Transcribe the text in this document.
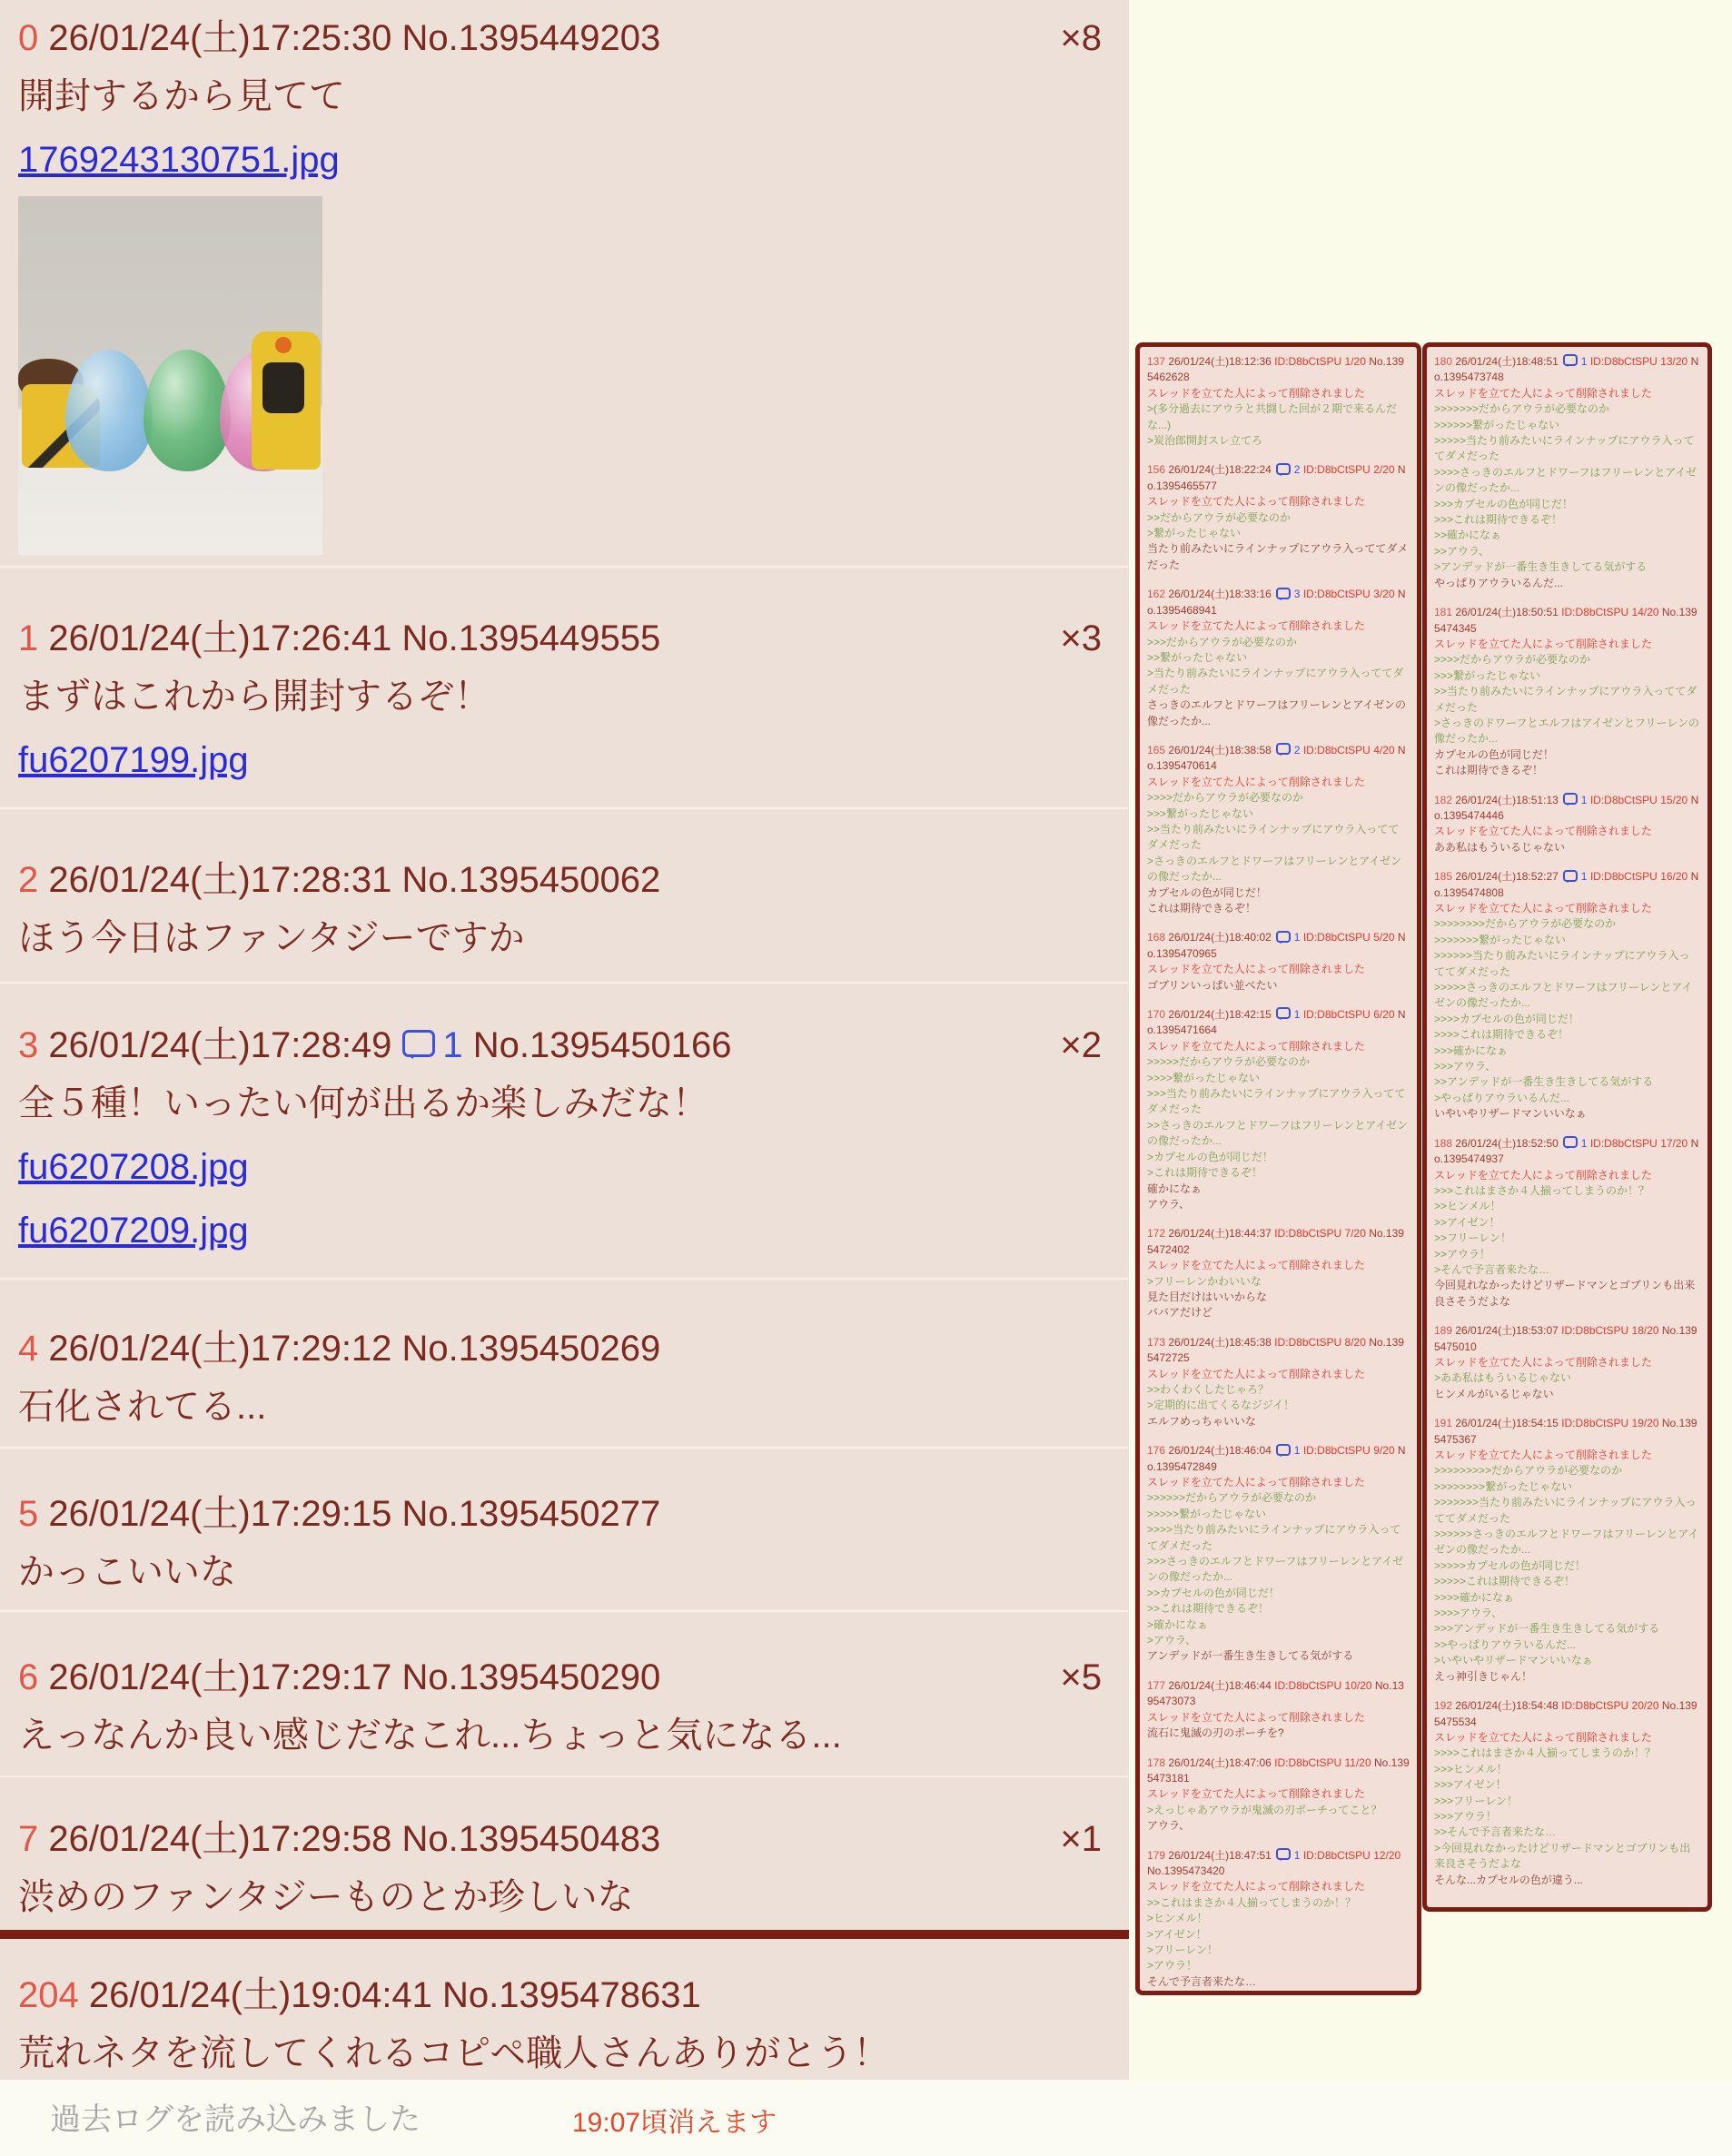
0 26/01/24(土)17:25:30 No.1395449203	×8
開封するから見てて
1769243130751.jpg
1 26/01/24(土)17:26:41 No.1395449555	×3
まずはこれから開封するぞ！
fu6207199.jpg
2 26/01/24(土)17:28:31 No.1395450062
ほう今日はファンタジーですか
3 26/01/24(土)17:28:49 1 No.1395450166	×2
全５種！いったい何が出るか楽しみだな！
fu6207208.jpg
fu6207209.jpg
4 26/01/24(土)17:29:12 No.1395450269
石化されてる...
5 26/01/24(土)17:29:15 No.1395450277
かっこいいな
6 26/01/24(土)17:29:17 No.1395450290	×5
えっなんか良い感じだなこれ...ちょっと気になる...
7 26/01/24(土)17:29:58 No.1395450483	×1
渋めのファンタジーものとか珍しいな
204 26/01/24(土)19:04:41 No.1395478631
荒れネタを流してくれるコピペ職人さんありがとう！
137 26/01/24(土)18:12:36 ID:D8bCtSPU 1/20 No.1395462628
スレッドを立てた人によって削除されました
>(多分過去にアウラと共闘した回が２期で来るんだな...)
>炭治郎開封スレ立てろ
156 26/01/24(土)18:22:24 2 ID:D8bCtSPU 2/20 No.1395465577
スレッドを立てた人によって削除されました
>>だからアウラが必要なのか
>繋がったじゃない
当たり前みたいにラインナップにアウラ入っててダメだった
162 26/01/24(土)18:33:16 3 ID:D8bCtSPU 3/20 No.1395468941
スレッドを立てた人によって削除されました
>>>だからアウラが必要なのか
>>繋がったじゃない
>当たり前みたいにラインナップにアウラ入っててダメだった
さっきのエルフとドワーフはフリーレンとアイゼンの像だったか...
165 26/01/24(土)18:38:58 2 ID:D8bCtSPU 4/20 No.1395470614
スレッドを立てた人によって削除されました
>>>>だからアウラが必要なのか
>>>繋がったじゃない
>>当たり前みたいにラインナップにアウラ入っててダメだった
>さっきのエルフとドワーフはフリーレンとアイゼンの像だったか...
カプセルの色が同じだ！
これは期待できるぞ！
168 26/01/24(土)18:40:02 1 ID:D8bCtSPU 5/20 No.1395470965
スレッドを立てた人によって削除されました
ゴブリンいっぱい並べたい
170 26/01/24(土)18:42:15 1 ID:D8bCtSPU 6/20 No.1395471664
スレッドを立てた人によって削除されました
>>>>>だからアウラが必要なのか
>>>>繋がったじゃない
>>>当たり前みたいにラインナップにアウラ入っててダメだった
>>さっきのエルフとドワーフはフリーレンとアイゼンの像だったか...
>カプセルの色が同じだ！
>これは期待できるぞ！
確かになぁ
アウラ、
172 26/01/24(土)18:44:37 ID:D8bCtSPU 7/20 No.1395472402
スレッドを立てた人によって削除されました
>フリーレンかわいいな
見た目だけはいいからな
ババアだけど
173 26/01/24(土)18:45:38 ID:D8bCtSPU 8/20 No.1395472725
スレッドを立てた人によって削除されました
>>わくわくしたじゃろ？
>定期的に出てくるなジジイ！
エルフめっちゃいいな
176 26/01/24(土)18:46:04 1 ID:D8bCtSPU 9/20 No.1395472849
スレッドを立てた人によって削除されました
>>>>>>だからアウラが必要なのか
>>>>>繋がったじゃない
>>>>当たり前みたいにラインナップにアウラ入っててダメだった
>>>さっきのエルフとドワーフはフリーレンとアイゼンの像だったか...
>>カプセルの色が同じだ！
>>これは期待できるぞ！
>確かになぁ
>アウラ、
アンデッドが一番生き生きしてる気がする
177 26/01/24(土)18:46:44 ID:D8bCtSPU 10/20 No.1395473073
スレッドを立てた人によって削除されました
流石に鬼滅の刃のポーチを?
178 26/01/24(土)18:47:06 ID:D8bCtSPU 11/20 No.1395473181
スレッドを立てた人によって削除されました
>えっじゃあアウラが鬼滅の刃ポーチってこと？
アウラ、
179 26/01/24(土)18:47:51 1 ID:D8bCtSPU 12/20 No.1395473420
スレッドを立てた人によって削除されました
>>これはまさか４人揃ってしまうのか！？
>ヒンメル！
>アイゼン！
>フリーレン！
>アウラ！
そんで予言者来たな…
180 26/01/24(土)18:48:51 1 ID:D8bCtSPU 13/20 No.1395473748
スレッドを立てた人によって削除されました
>>>>>>>だからアウラが必要なのか
>>>>>>繋がったじゃない
>>>>>当たり前みたいにラインナップにアウラ入っててダメだった
>>>>さっきのエルフとドワーフはフリーレンとアイゼンの像だったか...
>>>カプセルの色が同じだ！
>>>これは期待できるぞ！
>>確かになぁ
>>アウラ、
>アンデッドが一番生き生きしてる気がする
やっぱりアウラいるんだ...
181 26/01/24(土)18:50:51 ID:D8bCtSPU 14/20 No.1395474345
スレッドを立てた人によって削除されました
>>>>だからアウラが必要なのか
>>>繋がったじゃない
>>当たり前みたいにラインナップにアウラ入っててダメだった
>さっきのドワーフとエルフはアイゼンとフリーレンの像だったか...
カプセルの色が同じだ！
これは期待できるぞ！
182 26/01/24(土)18:51:13 1 ID:D8bCtSPU 15/20 No.1395474446
スレッドを立てた人によって削除されました
ああ私はもういるじゃない
185 26/01/24(土)18:52:27 1 ID:D8bCtSPU 16/20 No.1395474808
スレッドを立てた人によって削除されました
>>>>>>>>だからアウラが必要なのか
>>>>>>>繋がったじゃない
>>>>>>当たり前みたいにラインナップにアウラ入っててダメだった
>>>>>さっきのエルフとドワーフはフリーレンとアイゼンの像だったか...
>>>>カプセルの色が同じだ！
>>>>これは期待できるぞ！
>>>確かになぁ
>>>アウラ、
>>アンデッドが一番生き生きしてる気がする
>やっぱりアウラいるんだ...
いやいやリザードマンいいなぁ
188 26/01/24(土)18:52:50 1 ID:D8bCtSPU 17/20 No.1395474937
スレッドを立てた人によって削除されました
>>>これはまさか４人揃ってしまうのか！？
>>ヒンメル！
>>アイゼン！
>>フリーレン！
>>アウラ！
>そんで予言者来たな…
今回見れなかったけどリザードマンとゴブリンも出来良さそうだよな
189 26/01/24(土)18:53:07 ID:D8bCtSPU 18/20 No.1395475010
スレッドを立てた人によって削除されました
>ああ私はもういるじゃない
ヒンメルがいるじゃない
191 26/01/24(土)18:54:15 ID:D8bCtSPU 19/20 No.1395475367
スレッドを立てた人によって削除されました
>>>>>>>>>だからアウラが必要なのか
>>>>>>>>繋がったじゃない
>>>>>>>当たり前みたいにラインナップにアウラ入っててダメだった
>>>>>>さっきのエルフとドワーフはフリーレンとアイゼンの像だったか...
>>>>>カプセルの色が同じだ！
>>>>>これは期待できるぞ！
>>>>確かになぁ
>>>>アウラ、
>>>アンデッドが一番生き生きしてる気がする
>>やっぱりアウラいるんだ...
>いやいやリザードマンいいなぁ
えっ神引きじゃん！
192 26/01/24(土)18:54:48 ID:D8bCtSPU 20/20 No.1395475534
スレッドを立てた人によって削除されました
>>>>これはまさか４人揃ってしまうのか！？
>>>ヒンメル！
>>>アイゼン！
>>>フリーレン！
>>>アウラ！
>>そんで予言者来たな…
>今回見れなかったけどリザードマンとゴブリンも出来良さそうだよな
そんな...カプセルの色が違う...
過去ログを読み込みました	19:07頃消えます
